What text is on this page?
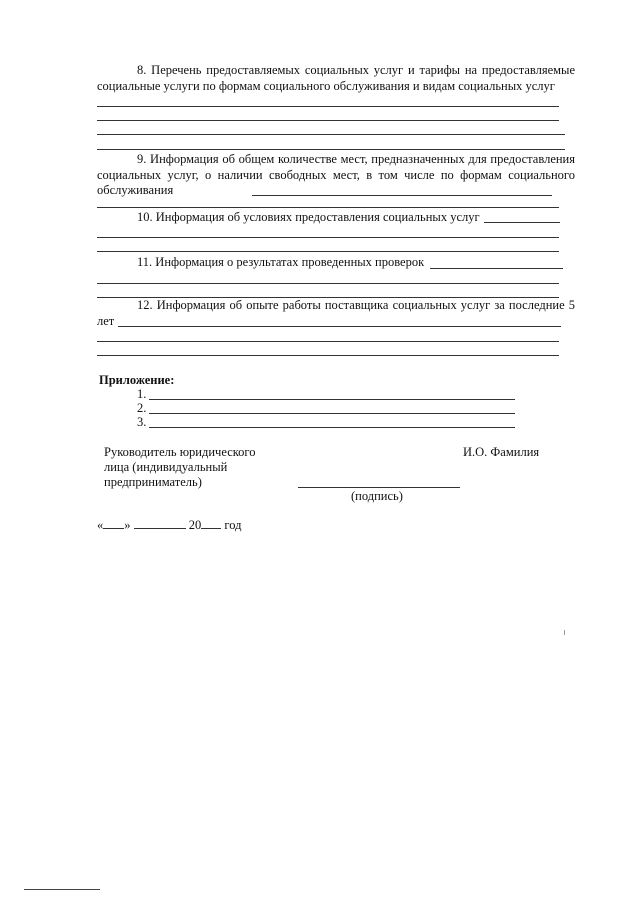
8. Перечень предоставляемых социальных услуг и тарифы на предоставляемые социальные услуги по формам социального обслуживания и видам социальных услуг
9. Информация об общем количестве мест, предназначенных для предоставления социальных услуг, о наличии свободных мест, в том числе по формам социального обслуживания
10. Информация об условиях предоставления социальных услуг
11. Информация о результатах проведенных проверок
12. Информация об опыте работы поставщика социальных услуг за последние 5 лет
Приложение:
1.
2.
3.
Руководитель юридического
лица (индивидуальный
предприниматель)
И.О. Фамилия
(подпись)
« »	20 год
